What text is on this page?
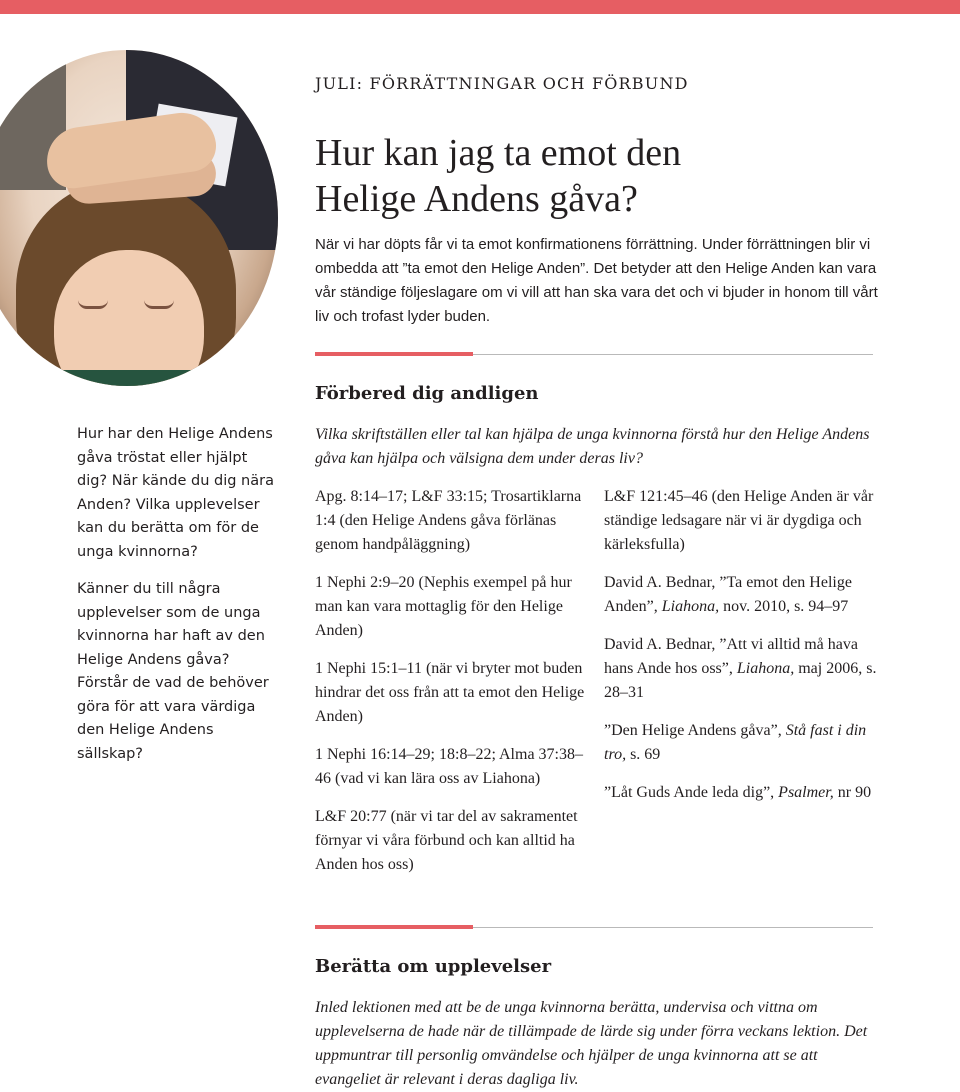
JULI: FÖRRÄTTNINGAR OCH FÖRBUND
Hur kan jag ta emot den
Helige Andens gåva?

När vi har döpts får vi ta emot konfirmationens förrättning. Under förrättningen blir vi ombedda att ”ta emot den Helige Anden”. Det betyder att den Helige Anden kan vara vår ständige följeslagare om vi vill att han ska vara det och vi bjuder in honom till vårt liv och trofast lyder buden.

Förbered dig andligen

Vilka skriftställen eller tal kan hjälpa de unga kvinnorna förstå hur den Helige Andens gåva kan hjälpa och välsigna dem under deras liv?

Hur har den Helige Andens gåva tröstat eller hjälpt dig? När kände du dig nära Anden? Vilka upplevelser kan du berätta om för de unga kvinnorna?

Känner du till några upplevelser som de unga kvinnorna har haft av den Helige Andens gåva? Förstår de vad de behöver göra för att vara värdiga den Helige Andens sällskap?

Apg. 8:14–17; L&F 33:15; Trosartiklarna 1:4 (den Helige Andens gåva förlänas genom handpåläggning)

1 Nephi 2:9–20 (Nephis exempel på hur man kan vara mottaglig för den Helige Anden)

1 Nephi 15:1–11 (när vi bryter mot buden hindrar det oss från att ta emot den Helige Anden)

1 Nephi 16:14–29; 18:8–22; Alma 37:38–46 (vad vi kan lära oss av Liahona)

L&F 20:77 (när vi tar del av sakramentet förnyar vi våra förbund och kan alltid ha Anden hos oss)

L&F 121:45–46 (den Helige Anden är vår ständige ledsagare när vi är dygdiga och kärleksfulla)

David A. Bednar, ”Ta emot den Helige Anden”, Liahona, nov. 2010, s. 94–97

David A. Bednar, ”Att vi alltid må hava hans Ande hos oss”, Liahona, maj 2006, s. 28–31

”Den Helige Andens gåva”, Stå fast i din tro, s. 69

”Låt Guds Ande leda dig”, Psalmer, nr 90

Berätta om upplevelser

Inled lektionen med att be de unga kvinnorna berätta, undervisa och vittna om upplevelserna de hade när de tillämpade de lärde sig under förra veckans lektion. Det uppmuntrar till personlig omvändelse och hjälper de unga kvinnorna att se att evangeliet är relevant i deras dagliga liv.
